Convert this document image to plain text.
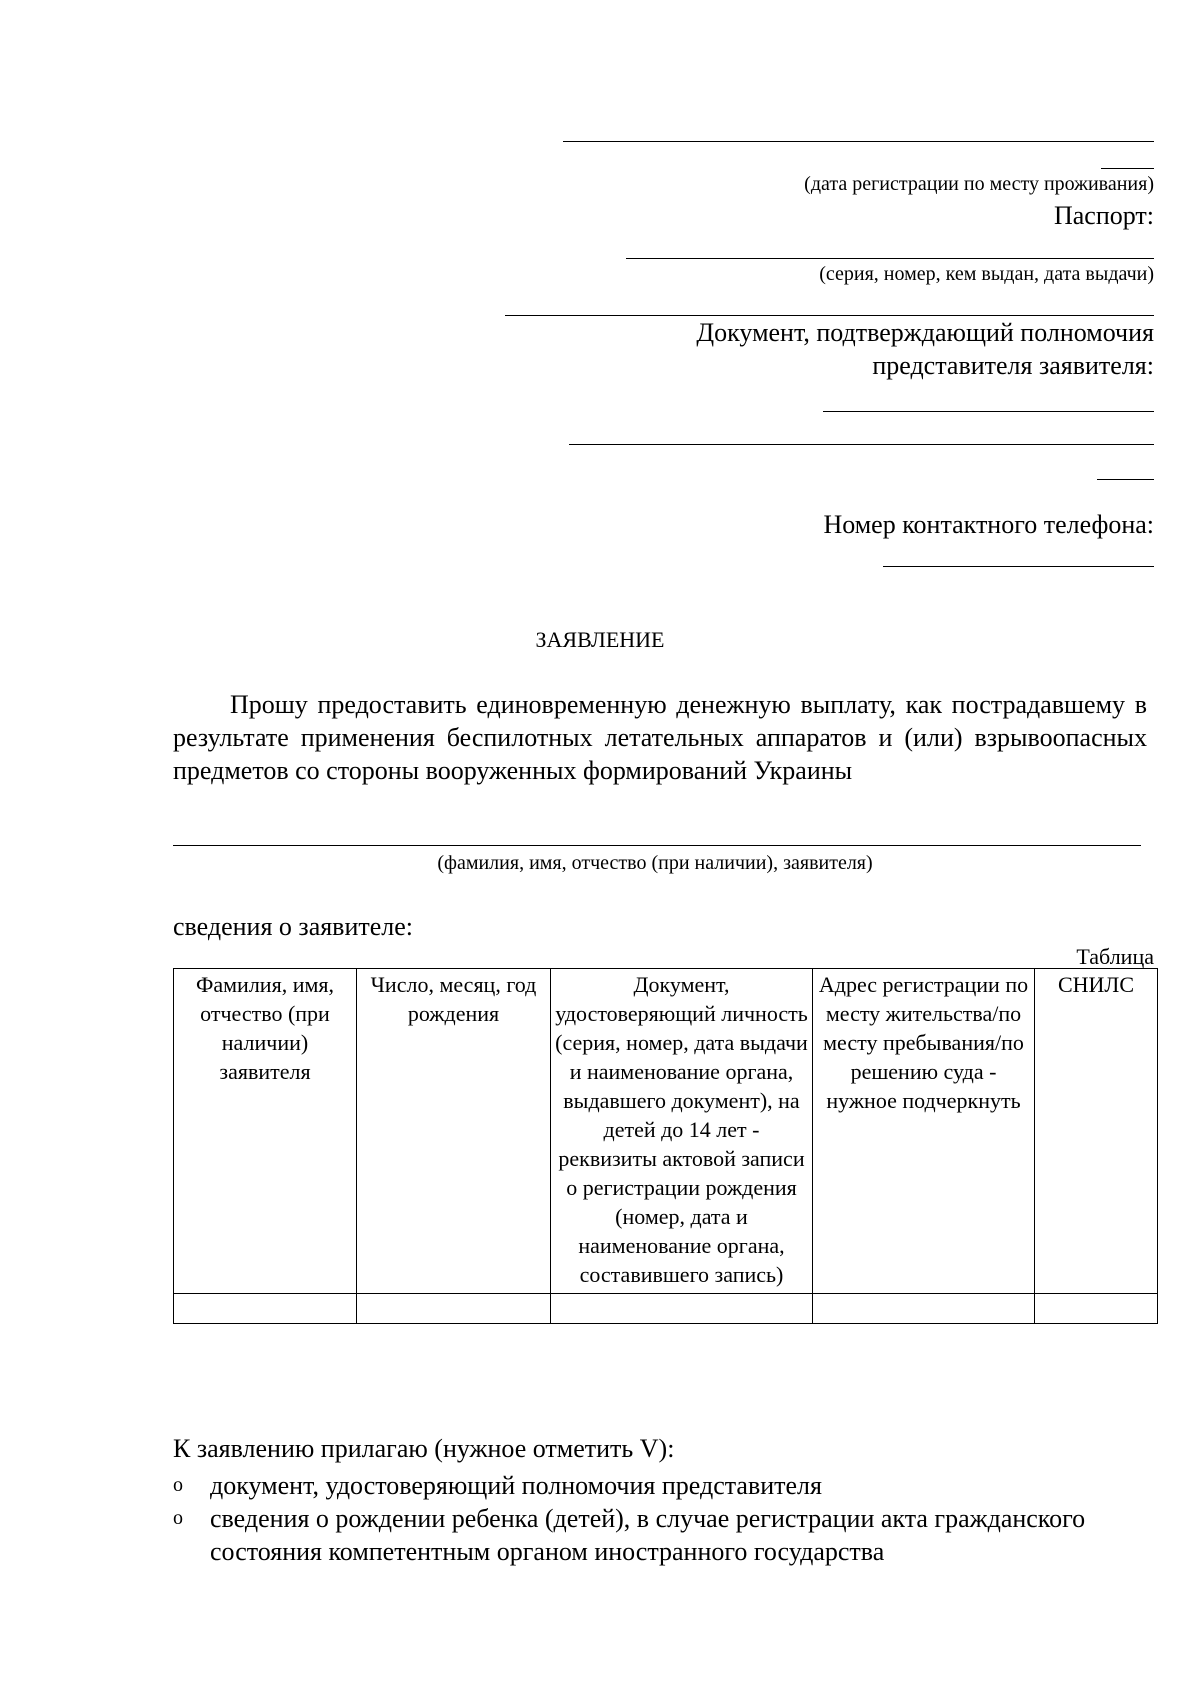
(дата регистрации по месту проживания)
Паспорт:
(серия, номер, кем выдан, дата выдачи)
Документ, подтверждающий полномочия
представителя заявителя:
Номер контактного телефона:
ЗАЯВЛЕНИЕ
Прошу предоставить единовременную денежную выплату, как пострадавшему в результате применения беспилотных летательных аппаратов и (или) взрывоопасных предметов со стороны вооруженных формирований Украины
(фамилия, имя, отчество (при наличии), заявителя)
сведения о заявителе:
Таблица
Фамилия, имя, отчество (при наличии) заявителя	Число, месяц, год рождения	Документ, удостоверяющий личность (серия, номер, дата выдачи и наименование органа, выдавшего документ), на детей до 14 лет - реквизиты актовой записи о регистрации рождения (номер, дата и наименование органа, составившего запись)	Адрес регистрации по месту жительства/по месту пребывания/по решению суда - нужное подчеркнуть	СНИЛС

К заявлению прилагаю (нужное отметить V):
o документ, удостоверяющий полномочия представителя
o сведения о рождении ребенка (детей), в случае регистрации акта гражданского состояния компетентным органом иностранного государства
